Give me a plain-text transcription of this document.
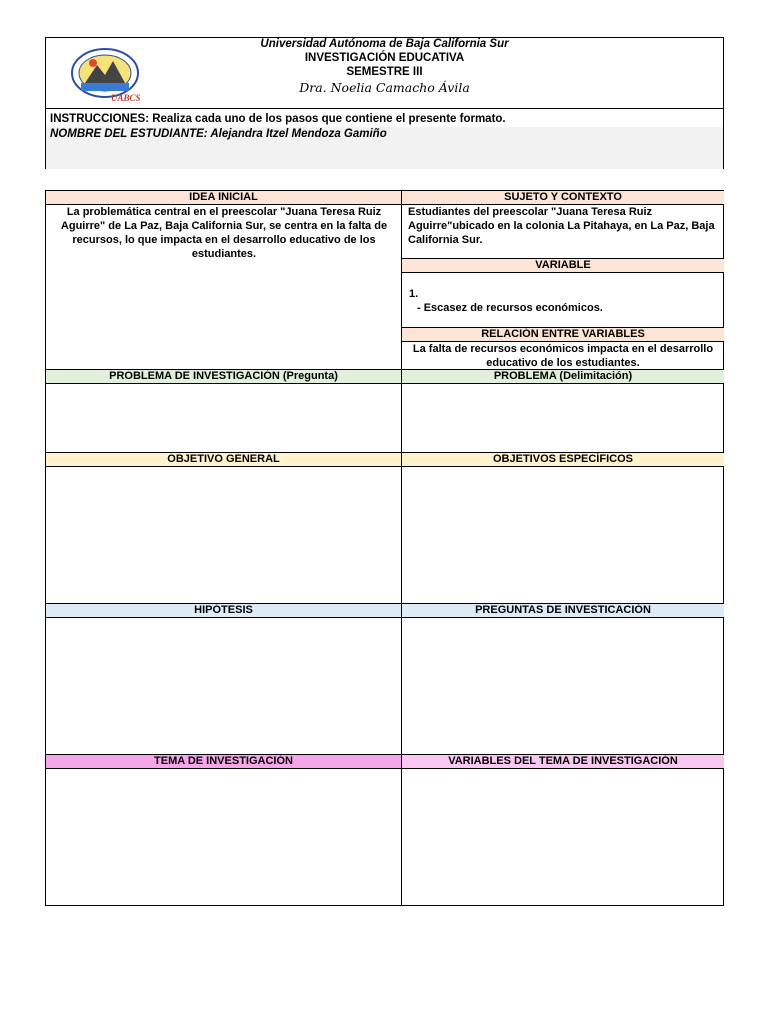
UABCS
Universidad Autónoma de Baja California Sur
INVESTIGACIÓN EDUCATIVA
SEMESTRE III
Dra. Noelia Camacho Ávila
INSTRUCCIONES: Realiza cada uno de los pasos que contiene el presente formato.
NOMBRE DEL ESTUDIANTE: Alejandra Itzel Mendoza Gamiño
IDEA INICIAL	SUJETO Y CONTEXTO
La problemática central en el preescolar "Juana Teresa Ruiz Aguirre" de La Paz, Baja California Sur, se centra en la falta de recursos, lo que impacta en el desarrollo educativo de los estudiantes.
Estudiantes del preescolar "Juana Teresa Ruiz Aguirre"ubicado en la colonia La Pitahaya, en La Paz, Baja California Sur.
VARIABLE
1.
- Escasez de recursos económicos.
RELACIÓN ENTRE VARIABLES
La falta de recursos económicos impacta en el desarrollo educativo de los estudiantes.
PROBLEMA DE INVESTIGACIÓN (Pregunta)	PROBLEMA (Delimitación)
OBJETIVO GENERAL	OBJETIVOS ESPECÍFICOS
HIPÓTESIS	PREGUNTAS DE INVESTICACIÓN
TEMA DE INVESTIGACIÓN	VARIABLES DEL TEMA DE INVESTIGACIÓN
